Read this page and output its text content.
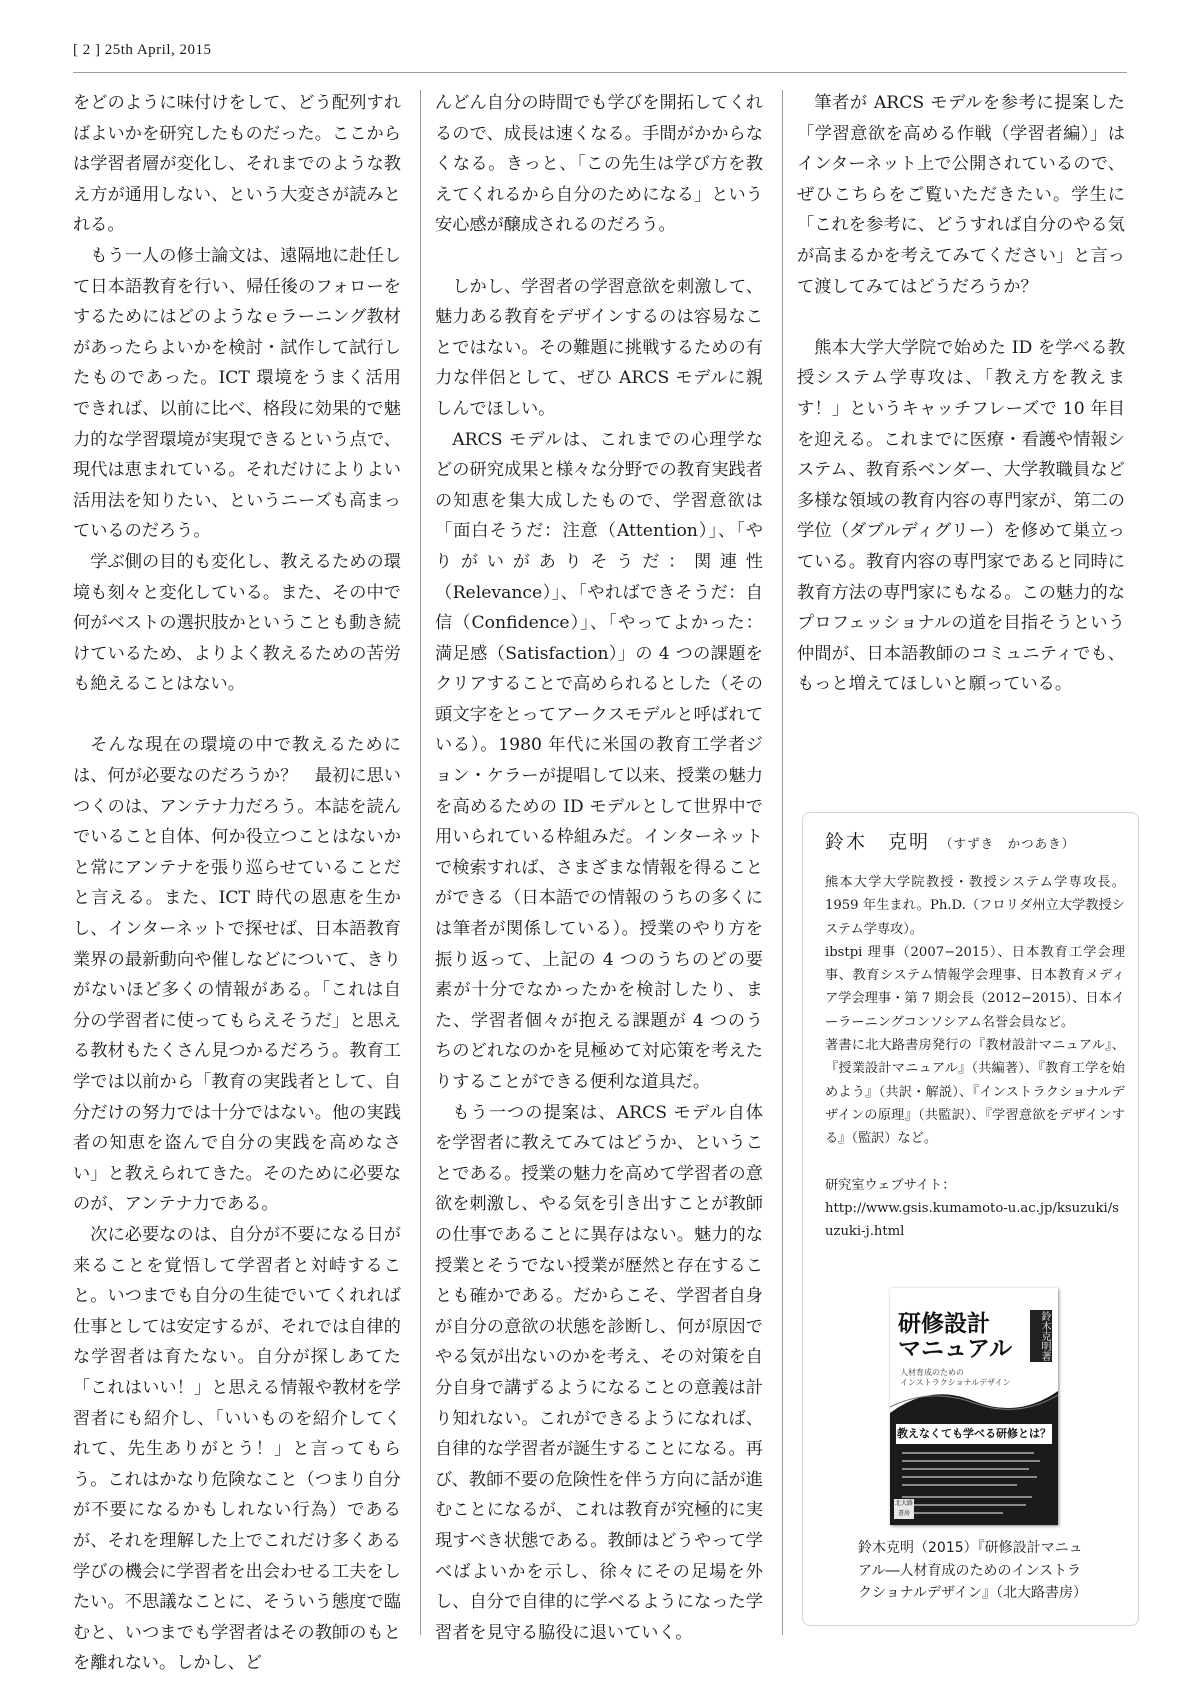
[ 2 ] 25th April, 2015

をどのように味付けをして、どう配列すればよいかを研究したものだった。ここからは学習者層が変化し、それまでのような教え方が通用しない、という大変さが読みとれる。

もう一人の修士論文は、遠隔地に赴任して日本語教育を行い、帰任後のフォローをするためにはどのようなｅラーニング教材があったらよいかを検討・試作して試行したものであった。ICT 環境をうまく活用できれば、以前に比べ、格段に効果的で魅力的な学習環境が実現できるという点で、現代は恵まれている。それだけによりよい活用法を知りたい、というニーズも高まっているのだろう。

学ぶ側の目的も変化し、教えるための環境も刻々と変化している。また、その中で何がベストの選択肢かということも動き続けているため、よりよく教えるための苦労も絶えることはない。

そんな現在の環境の中で教えるためには、何が必要なのだろうか？　最初に思いつくのは、アンテナ力だろう。本誌を読んでいること自体、何か役立つことはないかと常にアンテナを張り巡らせていることだと言える。また、ICT 時代の恩恵を生かし、インターネットで探せば、日本語教育業界の最新動向や催しなどについて、きりがないほど多くの情報がある。「これは自分の学習者に使ってもらえそうだ」と思える教材もたくさん見つかるだろう。教育工学では以前から「教育の実践者として、自分だけの努力では十分ではない。他の実践者の知恵を盗んで自分の実践を高めなさい」と教えられてきた。そのために必要なのが、アンテナ力である。

次に必要なのは、自分が不要になる日が来ることを覚悟して学習者と対峙すること。いつまでも自分の生徒でいてくれれば仕事としては安定するが、それでは自律的な学習者は育たない。自分が探しあてた「これはいい！」と思える情報や教材を学習者にも紹介し、「いいものを紹介してくれて、先生ありがとう！」と言ってもらう。これはかなり危険なこと（つまり自分が不要になるかもしれない行為）であるが、それを理解した上でこれだけ多くある学びの機会に学習者を出会わせる工夫をしたい。不思議なことに、そういう態度で臨むと、いつまでも学習者はその教師のもとを離れない。しかし、ど

んどん自分の時間でも学びを開拓してくれるので、成長は速くなる。手間がかからなくなる。きっと、「この先生は学び方を教えてくれるから自分のためになる」という安心感が醸成されるのだろう。

しかし、学習者の学習意欲を刺激して、魅力ある教育をデザインするのは容易なことではない。その難題に挑戦するための有力な伴侶として、ぜひ ARCS モデルに親しんでほしい。

ARCS モデルは、これまでの心理学などの研究成果と様々な分野での教育実践者の知恵を集大成したもので、学習意欲は「面白そうだ：注意（Attention）」、「やりがいがありそうだ：関連性（Relevance）」、「やればできそうだ：自信（Confidence）」、「やってよかった：満足感（Satisfaction）」の 4 つの課題をクリアすることで高められるとした（その頭文字をとってアークスモデルと呼ばれている）。1980 年代に米国の教育工学者ジョン・ケラーが提唱して以来、授業の魅力を高めるための ID モデルとして世界中で用いられている枠組みだ。インターネットで検索すれば、さまざまな情報を得ることができる（日本語での情報のうちの多くには筆者が関係している）。授業のやり方を振り返って、上記の 4 つのうちのどの要素が十分でなかったかを検討したり、また、学習者個々が抱える課題が 4 つのうちのどれなのかを見極めて対応策を考えたりすることができる便利な道具だ。

もう一つの提案は、ARCS モデル自体を学習者に教えてみてはどうか、ということである。授業の魅力を高めて学習者の意欲を刺激し、やる気を引き出すことが教師の仕事であることに異存はない。魅力的な授業とそうでない授業が歴然と存在することも確かである。だからこそ、学習者自身が自分の意欲の状態を診断し、何が原因でやる気が出ないのかを考え、その対策を自分自身で講ずるようになることの意義は計り知れない。これができるようになれば、自律的な学習者が誕生することになる。再び、教師不要の危険性を伴う方向に話が進むことになるが、これは教育が究極的に実現すべき状態である。教師はどうやって学べばよいかを示し、徐々にその足場を外し、自分で自律的に学べるようになった学習者を見守る脇役に退いていく。

筆者が ARCS モデルを参考に提案した「学習意欲を高める作戦（学習者編）」はインターネット上で公開されているので、ぜひこちらをご覧いただきたい。学生に「これを参考に、どうすれば自分のやる気が高まるかを考えてみてください」と言って渡してみてはどうだろうか？

熊本大学大学院で始めた ID を学べる教授システム学専攻は、「教え方を教えます！」というキャッチフレーズで 10 年目を迎える。これまでに医療・看護や情報システム、教育系ベンダー、大学教職員など多様な領域の教育内容の専門家が、第二の学位（ダブルディグリー）を修めて巣立っている。教育内容の専門家であると同時に教育方法の専門家にもなる。この魅力的なプロフェッショナルの道を目指そうという仲間が、日本語教師のコミュニティでも、もっと増えてほしいと願っている。

鈴木　克明 （すずき　かつあき）

熊本大学大学院教授・教授システム学専攻長。1959 年生まれ。Ph.D.（フロリダ州立大学教授システム学専攻）。

ibstpi 理事（2007−2015）、日本教育工学会理事、教育システム情報学会理事、日本教育メディア学会理事・第 7 期会長（2012−2015）、日本イーラーニングコンソシアム名誉会員など。

著書に北大路書房発行の『教材設計マニュアル』、『授業設計マニュアル』（共編著）、『教育工学を始めよう』（共訳・解説）、『インストラクショナルデザインの原理』（共監訳）、『学習意欲をデザインする』（監訳）など。

研究室ウェブサイト：

http://www.gsis.kumamoto-u.ac.jp/ksuzuki/suzuki-j.html

研修設計
マニュアル
人材育成のための
インストラクショナルデザイン
鈴木克明著
教えなくても学べる研修とは？
北大路書房
鈴木克明（2015）『研修設計マニュアル―人材育成のためのインストラクショナルデザイン』（北大路書房）
